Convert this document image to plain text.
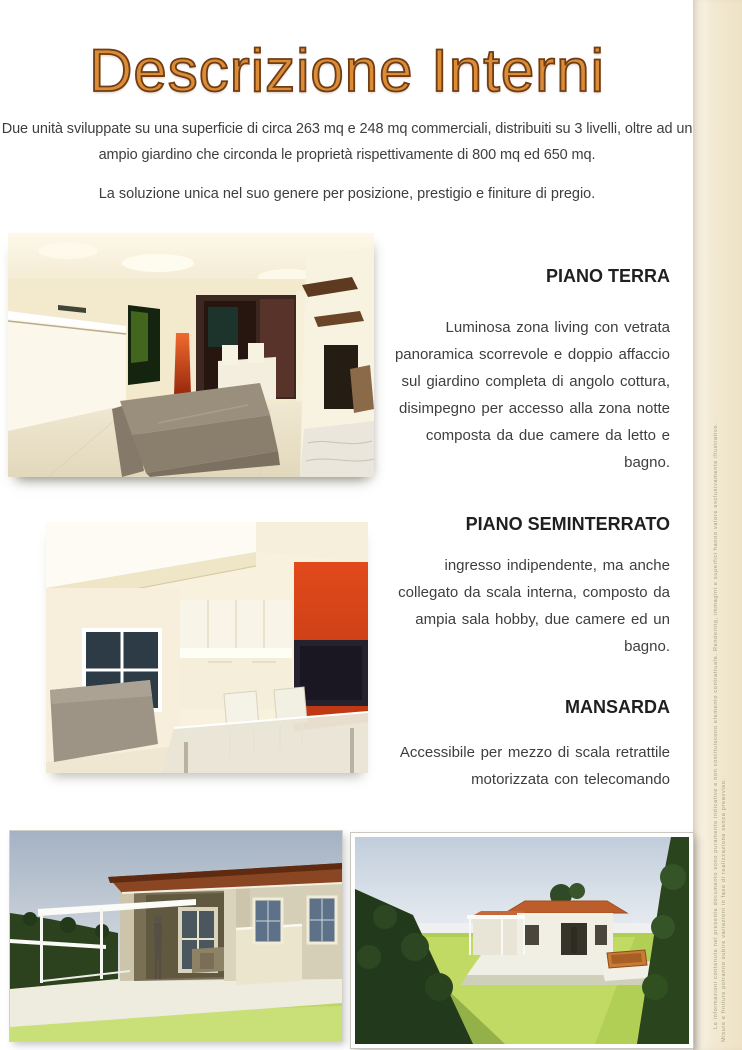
Le informazioni contenute nel presente documento sono puramente indicative e non costituiscono elemento contrattuale. Rendering, immagini e superfici hanno valore esclusivamente illustrativo. Misure e finiture potranno subire variazioni in fase di realizzazione senza preavviso.
Descrizione Interni

Due unità sviluppate su una superficie di circa 263 mq e 248 mq commerciali, distribuiti su 3 livelli, oltre ad un ampio giardino che circonda le proprietà rispettivamente di 800 mq ed 650 mq.

La soluzione unica nel suo genere per posizione, prestigio e finiture di pregio.

PIANO TERRA

Luminosa zona living con vetrata panoramica scorrevole e doppio affaccio sul giardino completa di angolo cottura, disimpegno per accesso alla zona notte composta da due camere da letto e bagno.

PIANO SEMINTERRATO

ingresso indipendente, ma anche collegato da scala interna, composto da ampia sala hobby, due camere ed un bagno.

MANSARDA

Accessibile per mezzo di scala retrattile motorizzata con telecomando
